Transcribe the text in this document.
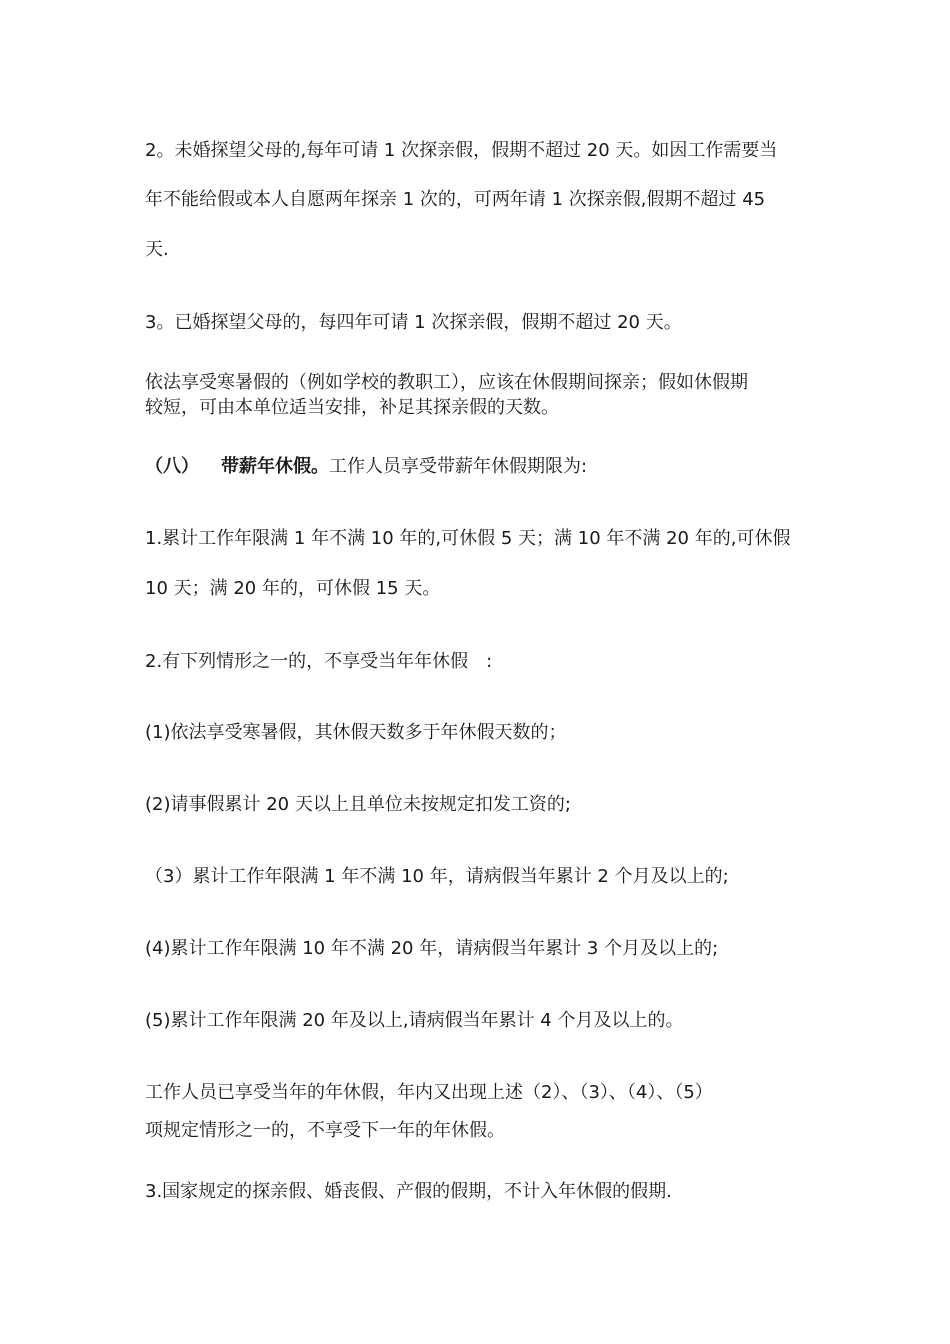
2。未婚探望父母的,每年可请 1 次探亲假，假期不超过 20 天。如因工作需要当
年不能给假或本人自愿两年探亲 1 次的，可两年请 1 次探亲假,假期不超过 45
天.
3。已婚探望父母的，每四年可请 1 次探亲假，假期不超过 20 天。
依法享受寒暑假的（例如学校的教职工），应该在休假期间探亲；假如休假期
较短，可由本单位适当安排，补足其探亲假的天数。
（八） 带薪年休假。工作人员享受带薪年休假期限为:
1.累计工作年限满 1 年不满 10 年的,可休假 5 天；满 10 年不满 20 年的,可休假
10 天；满 20 年的，可休假 15 天。
2.有下列情形之一的，不享受当年年休假　:
(1)依法享受寒暑假，其休假天数多于年休假天数的；
(2)请事假累计 20 天以上且单位未按规定扣发工资的;
（3）累计工作年限满 1 年不满 10 年，请病假当年累计 2 个月及以上的;
(4)累计工作年限满 10 年不满 20 年，请病假当年累计 3 个月及以上的;
(5)累计工作年限满 20 年及以上,请病假当年累计 4 个月及以上的。
工作人员已享受当年的年休假，年内又出现上述（2）、（3）、（4）、（5）
项规定情形之一的，不享受下一年的年休假。
3.国家规定的探亲假、婚丧假、产假的假期，不计入年休假的假期.
